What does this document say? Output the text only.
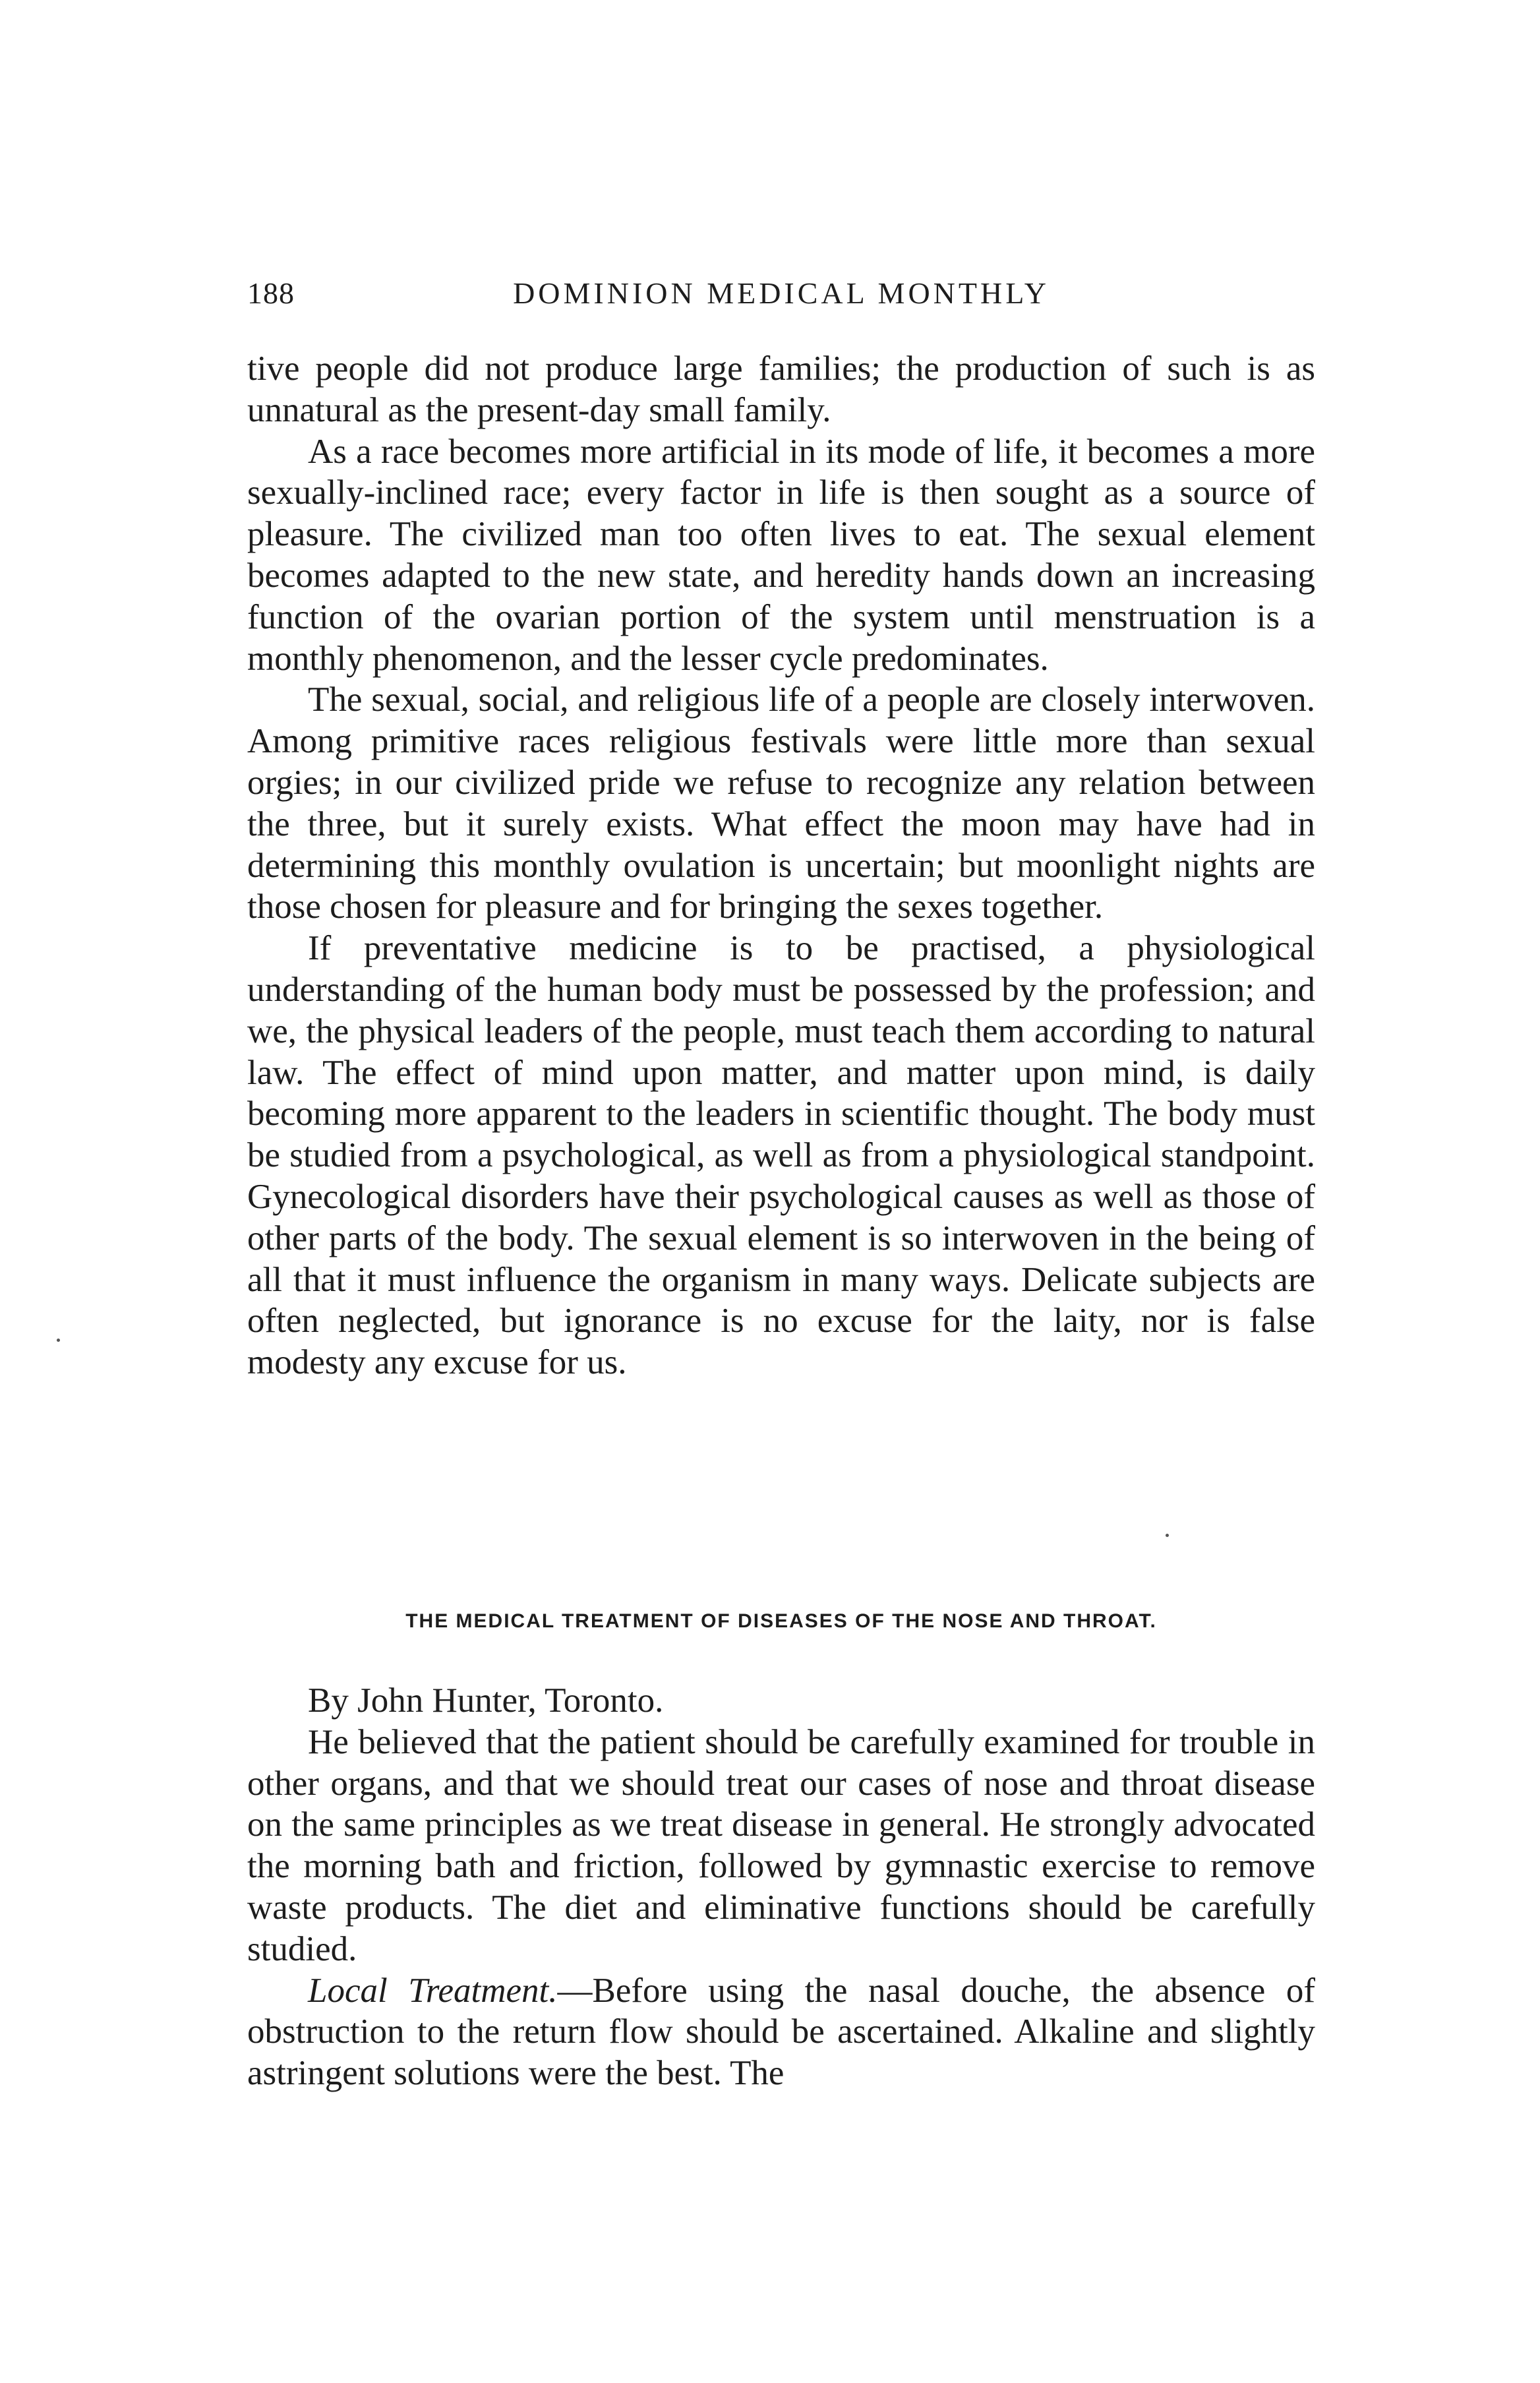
188	DOMINION MEDICAL MONTHLY

tive people did not produce large families; the production of such is as unnatural as the present-day small family.

As a race becomes more artificial in its mode of life, it becomes a more sexually-inclined race; every factor in life is then sought as a source of pleasure. The civilized man too often lives to eat. The sexual element becomes adapted to the new state, and heredity hands down an increasing function of the ovarian portion of the system until menstruation is a monthly phenomenon, and the lesser cycle predominates.

The sexual, social, and religious life of a people are closely interwoven. Among primitive races religious festivals were little more than sexual orgies; in our civilized pride we refuse to recognize any relation between the three, but it surely exists. What effect the moon may have had in determining this monthly ovulation is uncertain; but moonlight nights are those chosen for pleasure and for bringing the sexes together.

If preventative medicine is to be practised, a physiological understanding of the human body must be possessed by the profession; and we, the physical leaders of the people, must teach them according to natural law. The effect of mind upon matter, and matter upon mind, is daily becoming more apparent to the leaders in scientific thought. The body must be studied from a psychological, as well as from a physiological standpoint. Gynecological disorders have their psychological causes as well as those of other parts of the body. The sexual element is so interwoven in the being of all that it must influence the organism in many ways. Delicate subjects are often neglected, but ignorance is no excuse for the laity, nor is false modesty any excuse for us.

THE MEDICAL TREATMENT OF DISEASES OF THE NOSE AND THROAT.

By John Hunter, Toronto.

He believed that the patient should be carefully examined for trouble in other organs, and that we should treat our cases of nose and throat disease on the same principles as we treat disease in general. He strongly advocated the morning bath and friction, followed by gymnastic exercise to remove waste products. The diet and eliminative functions should be carefully studied.

Local Treatment.—Before using the nasal douche, the absence of obstruction to the return flow should be ascertained. Alkaline and slightly astringent solutions were the best. The
